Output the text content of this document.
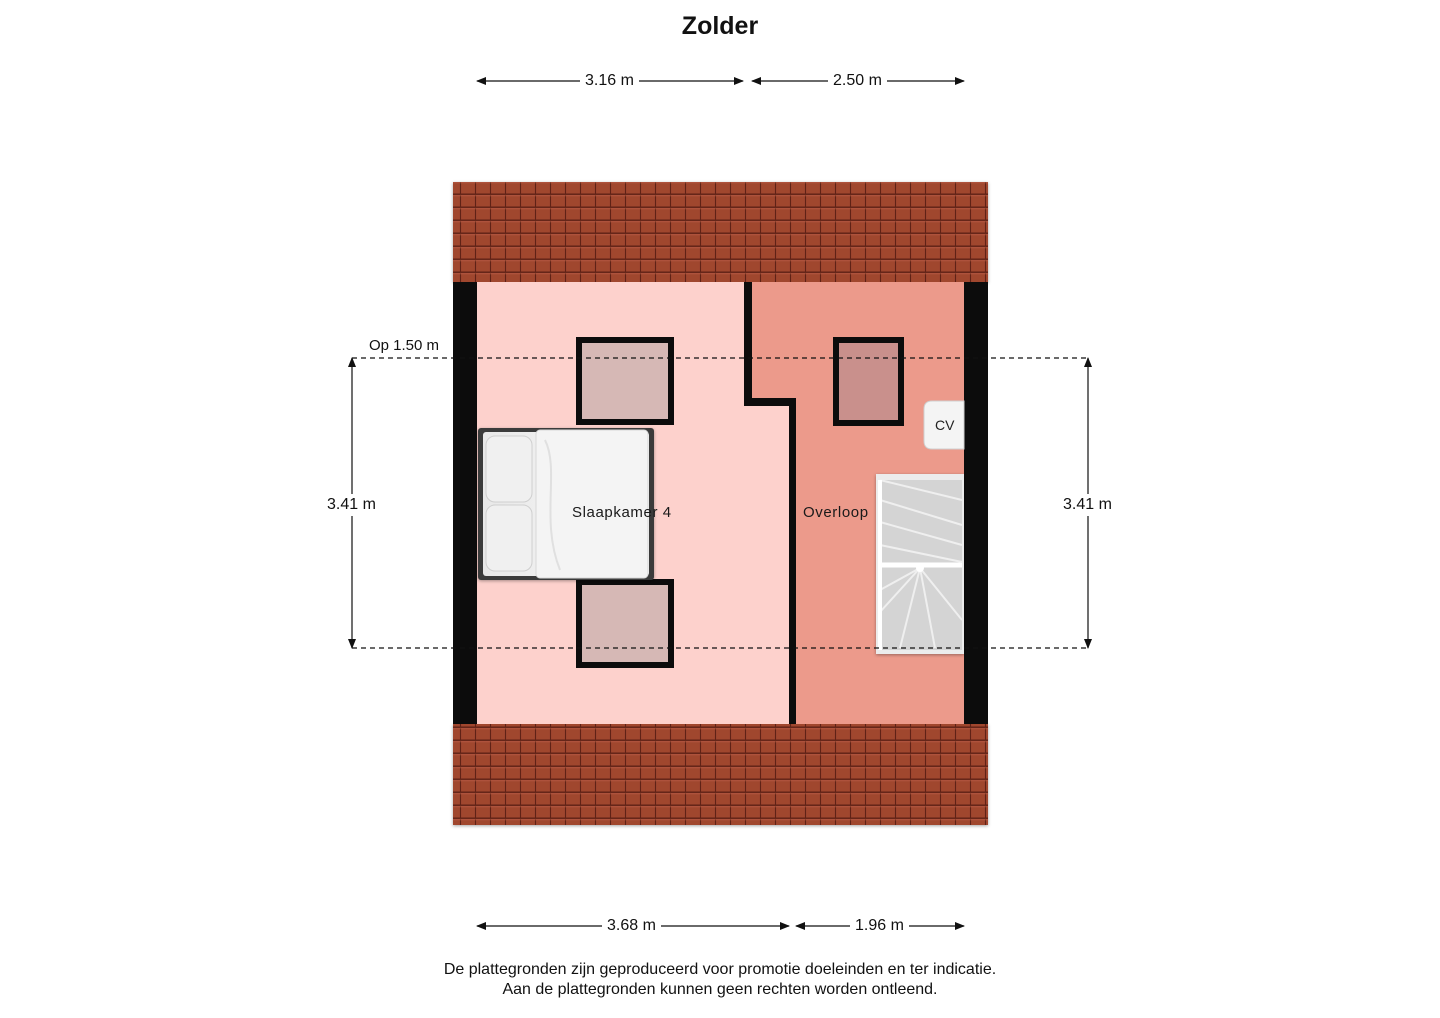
Zolder
3.16 m	2.50 m
3.68 m	1.96 m
3.41 m	3.41 m
Op 1.50 m
Slaapkamer 4	Overloop
CV
De plattegronden zijn geproduceerd voor promotie doeleinden en ter indicatie.
Aan de plattegronden kunnen geen rechten worden ontleend.
